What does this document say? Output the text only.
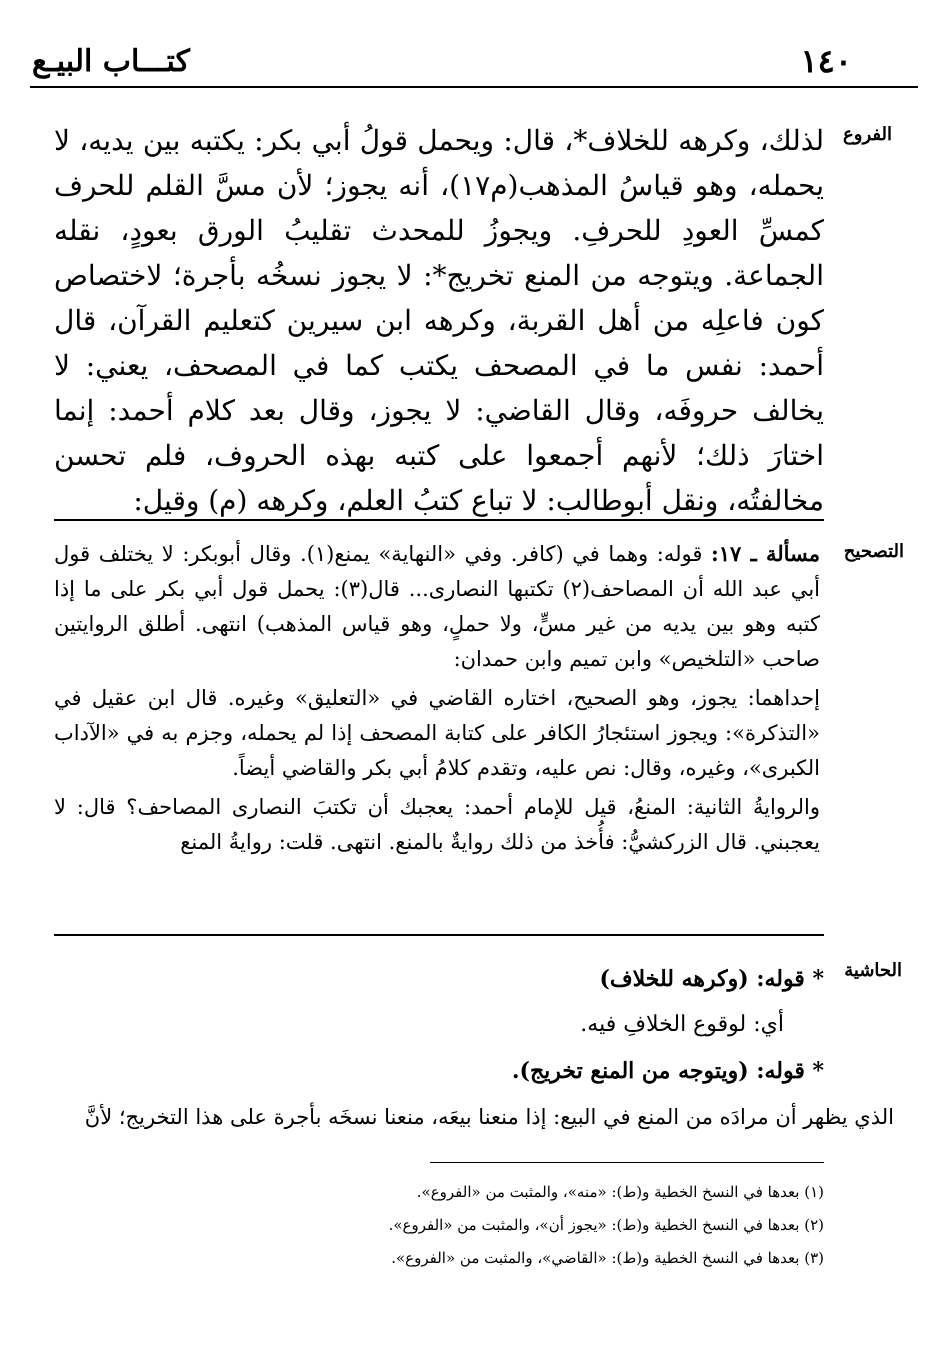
كتـــاب البيـع	١٤٠
الفروع

لذلك، وكرهه للخلاف*، قال: ويحمل قولُ أبي بكر: يكتبه بين يديه، لا يحمله، وهو قياسُ المذهب(م١٧)، أنه يجوز؛ لأن مسَّ القلم للحرف كمسِّ العودِ للحرفِ. ويجوزُ للمحدث تقليبُ الورق بعودٍ، نقله الجماعة. ويتوجه من المنع تخريج*: لا يجوز نسخُه بأجرة؛ لاختصاص كون فاعلِه من أهل القربة، وكرهه ابن سيرين كتعليم القرآن، قال أحمد: نفس ما في المصحف يكتب كما في المصحف، يعني: لا يخالف حروفَه، وقال القاضي: لا يجوز، وقال بعد كلام أحمد: إنما اختارَ ذلك؛ لأنهم أجمعوا على كتبه بهذه الحروف، فلم تحسن مخالفتُه، ونقل أبوطالب: لا تباع كتبُ العلم، وكرهه (م) وقيل:

التصحيح

مسألة ـ ١٧: قوله: وهما في (كافر. وفي «النهاية» يمنع(١). وقال أبوبكر: لا يختلف قول أبي عبد الله أن المصاحف(٢) تكتبها النصارى... قال(٣): يحمل قول أبي بكر على ما إذا كتبه وهو بين يديه من غير مسٍّ، ولا حملٍ، وهو قياس المذهب) انتهى. أطلق الروايتين صاحب «التلخيص» وابن تميم وابن حمدان:

إحداهما: يجوز، وهو الصحيح، اختاره القاضي في «التعليق» وغيره. قال ابن عقيل في «التذكرة»: ويجوز استئجارُ الكافر على كتابة المصحف إذا لم يحمله، وجزم به في «الآداب الكبرى»، وغيره، وقال: نص عليه، وتقدم كلامُ أبي بكر والقاضي أيضاً.

والروايةُ الثانية: المنعُ، قيل للإمام أحمد: يعجبك أن تكتبَ النصارى المصاحف؟ قال: لا يعجبني. قال الزركشيُّ: فأُخذ من ذلك روايةٌ بالمنع. انتهى. قلت: روايةُ المنع

الحاشية

* قوله: (وكرهه للخلاف)

أي: لوقوع الخلافِ فيه.

* قوله: (ويتوجه من المنع تخريج).

الذي يظهر أن مرادَه من المنع في البيع: إذا منعنا بيعَه، منعنا نسخَه بأجرة على هذا التخريج؛ لأنَّ

(١) بعدها في النسخ الخطية و(ط): «منه»، والمثبت من «الفروع».

(٢) بعدها في النسخ الخطية و(ط): «يجوز أن»، والمثبت من «الفروع».

(٣) بعدها في النسخ الخطية و(ط): «القاضي»، والمثبت من «الفروع».
